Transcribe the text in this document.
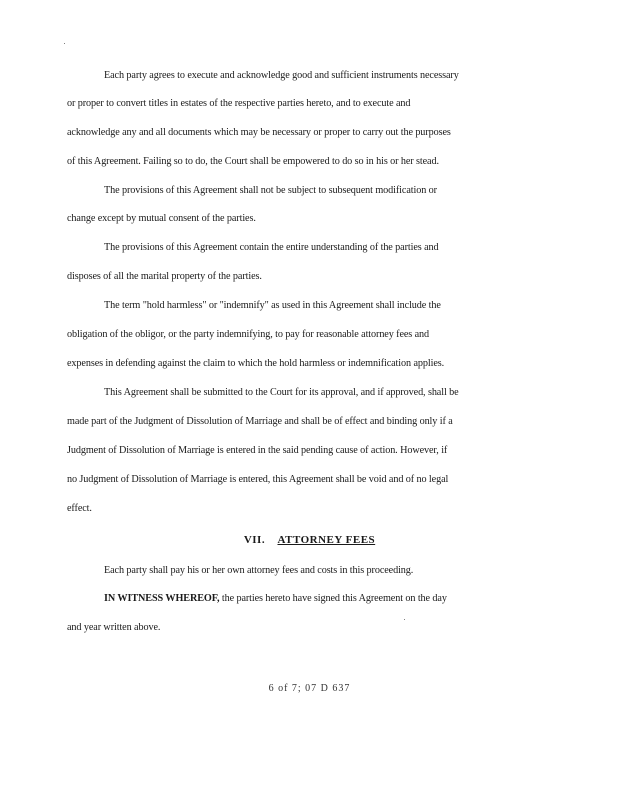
Each party agrees to execute and acknowledge good and sufficient instruments necessary

or proper to convert titles in estates of the respective parties hereto, and to execute and

acknowledge any and all documents which may be necessary or proper to carry out the purposes

of this Agreement. Failing so to do, the Court shall be empowered to do so in his or her stead.

The provisions of this Agreement shall not be subject to subsequent modification or

change except by mutual consent of the parties.

The provisions of this Agreement contain the entire understanding of the parties and

disposes of all the marital property of the parties.

The term "hold harmless" or "indemnify" as used in this Agreement shall include the

obligation of the obligor, or the party indemnifying, to pay for reasonable attorney fees and

expenses in defending against the claim to which the hold harmless or indemnification applies.

This Agreement shall be submitted to the Court for its approval, and if approved, shall be

made part of the Judgment of Dissolution of Marriage and shall be of effect and binding only if a

Judgment of Dissolution of Marriage is entered in the said pending cause of action. However, if

no Judgment of Dissolution of Marriage is entered, this Agreement shall be void and of no legal

effect.

VII. ATTORNEY FEES

Each party shall pay his or her own attorney fees and costs in this proceeding.

IN WITNESS WHEREOF, the parties hereto have signed this Agreement on the day

and year written above.

6 of 7; 07 D 637
